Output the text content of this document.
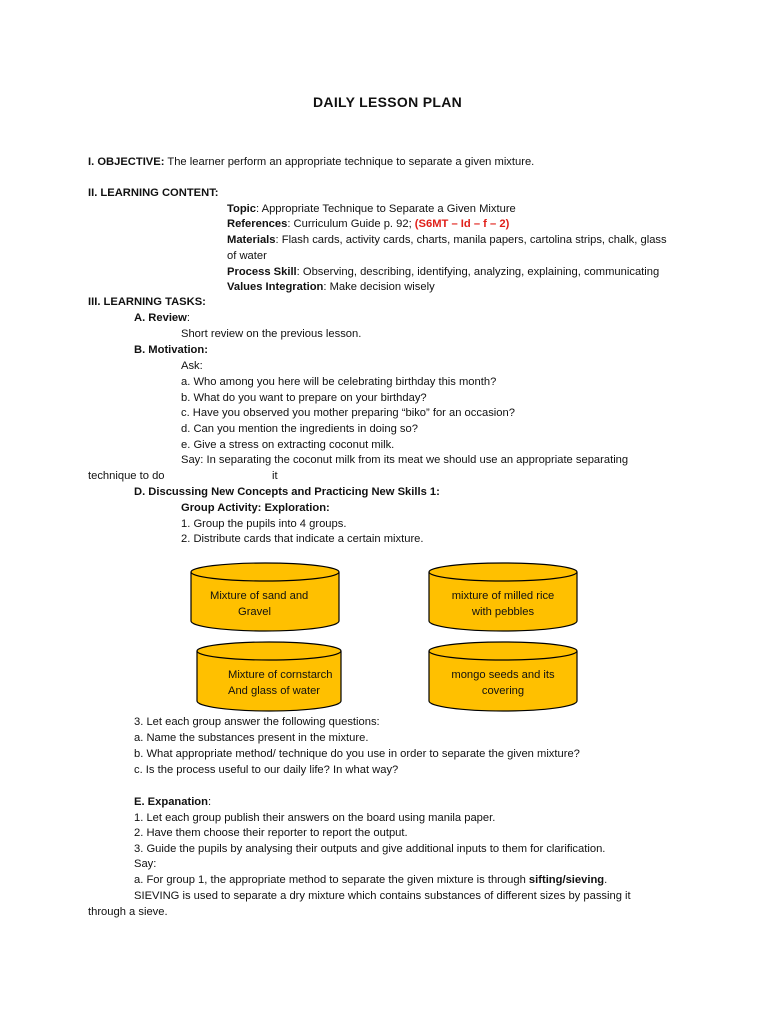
DAILY LESSON PLAN
I. OBJECTIVE: The learner perform an appropriate technique to separate a given mixture.
II. LEARNING CONTENT:
Topic: Appropriate Technique to Separate a Given Mixture
References: Curriculum Guide p. 92; (S6MT – Id – f – 2)
Materials: Flash cards, activity cards, charts, manila papers, cartolina strips, chalk, glass
of water
Process Skill: Observing, describing, identifying, analyzing, explaining, communicating
Values Integration: Make decision wisely
III. LEARNING TASKS:
A. Review:
Short review on the previous lesson.
B. Motivation:
Ask:
a. Who among you here will be celebrating birthday this month?
b. What do you want to prepare on your birthday?
c. Have you observed you mother preparing “biko” for an occasion?
d. Can you mention the ingredients in doing so?
e. Give a stress on extracting coconut milk.
Say: In separating the coconut milk from its meat we should use an appropriate separating
technique to do	it
D. Discussing New Concepts and Practicing New Skills 1:
Group Activity: Exploration:
1. Group the pupils into 4 groups.
2. Distribute cards that indicate a certain mixture.
Mixture of sand and
Gravel
mixture of milled rice
with pebbles
Mixture of cornstarch
And glass of water
mongo seeds and its
covering
3. Let each group answer the following questions:
a. Name the substances present in the mixture.
b. What appropriate method/ technique do you use in order to separate the given mixture?
c. Is the process useful to our daily life? In what way?
E. Expanation:
1. Let each group publish their answers on the board using manila paper.
2. Have them choose their reporter to report the output.
3. Guide the pupils by analysing their outputs and give additional inputs to them for clarification.
Say:
a. For group 1, the appropriate method to separate the given mixture is through sifting/sieving.
SIEVING is used to separate a dry mixture which contains substances of different sizes by passing it
through a sieve.
